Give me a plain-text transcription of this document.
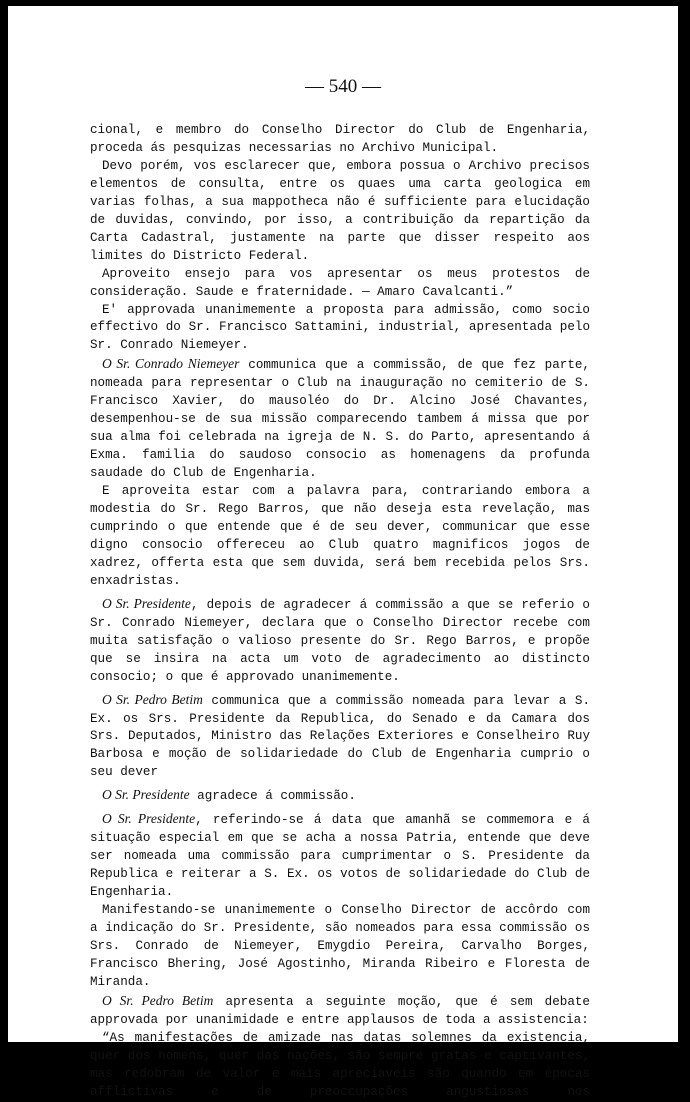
— 540 —

cional, e membro do Conselho Director do Club de Engenharia, proceda ás pesquizas necessarias no Archivo Municipal.

Devo porém, vos esclarecer que, embora possua o Archivo precisos elementos de consulta, entre os quaes uma carta geologica em varias folhas, a sua mappotheca não é sufficiente para elucidação de duvidas, convindo, por isso, a contribuição da repartição da Carta Cadastral, justamente na parte que disser respeito aos limites do Districto Federal.

Aproveito ensejo para vos apresentar os meus protestos de consideração. Saude e fraternidade. — Amaro Cavalcanti.”

E' approvada unanimemente a proposta para admissão, como socio effectivo do Sr. Francisco Sattamini, industrial, apresentada pelo Sr. Conrado Niemeyer.

O Sr. Conrado Niemeyer communica que a commissão, de que fez parte, nomeada para representar o Club na inauguração no cemiterio de S. Francisco Xavier, do mausoléo do Dr. Alcino José Chavantes, desempenhou-se de sua missão comparecendo tambem á missa que por sua alma foi celebrada na igreja de N. S. do Parto, apresentando á Exma. familia do saudoso consocio as homenagens da profunda saudade do Club de Engenharia.

E aproveita estar com a palavra para, contrariando embora a modestia do Sr. Rego Barros, que não deseja esta revelação, mas cumprindo o que entende que é de seu dever, communicar que esse digno consocio offereceu ao Club quatro magnificos jogos de xadrez, offerta esta que sem duvida, será bem recebida pelos Srs. enxadristas.

O Sr. Presidente, depois de agradecer á commissão a que se referio o Sr. Conrado Niemeyer, declara que o Conselho Director recebe com muita satisfação o valioso presente do Sr. Rego Barros, e propõe que se insira na acta um voto de agradecimento ao distincto consocio; o que é approvado unanimemente.

O Sr. Pedro Betim communica que a commissão nomeada para levar a S. Ex. os Srs. Presidente da Republica, do Senado e da Camara dos Srs. Deputados, Ministro das Relações Exteriores e Conselheiro Ruy Barbosa e moção de solidariedade do Club de Engenharia cumprio o seu dever

O Sr. Presidente agradece á commissão.

O Sr. Presidente, referindo-se á data que amanhã se commemora e á situação especial em que se acha a nossa Patria, entende que deve ser nomeada uma commissão para cumprimentar o S. Presidente da Republica e reiterar a S. Ex. os votos de solidariedade do Club de Engenharia.

Manifestando-se unanimemente o Conselho Director de accôrdo com a indicação do Sr. Presidente, são nomeados para essa commissão os Srs. Conrado de Niemeyer, Emygdio Pereira, Carvalho Borges, Francisco Bhering, José Agostinho, Miranda Ribeiro e Floresta de Miranda.

O Sr. Pedro Betim apresenta a seguinte moção, que é sem debate approvada por unanimidade e entre applausos de toda a assistencia:

“As manifestações de amizade nas datas solemnes da existencia, quer dos homens, quer das nações, são sempre gratas e captivantes, mas redobram de valor e mais apreciaveis são quando em épocas afflictivas e de preoccupações angustiosas nos
